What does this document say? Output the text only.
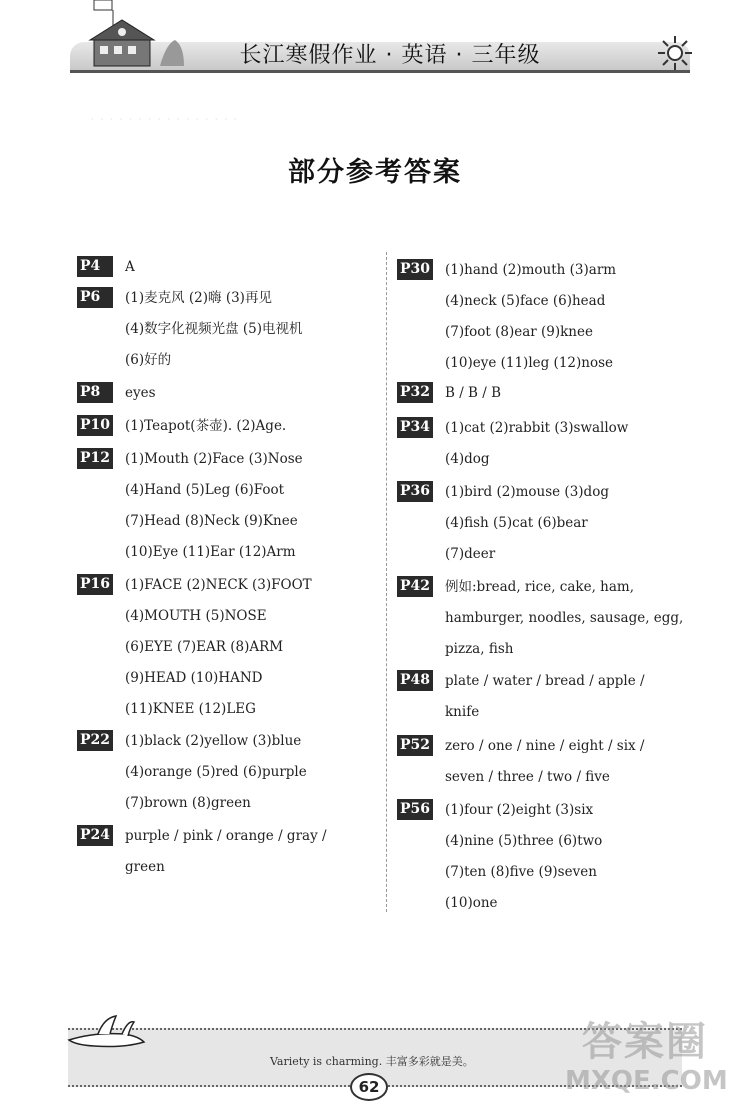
· · · · · · · · · · · · · · · ·
长江寒假作业 · 英语 · 三年级
部分参考答案
P4	A
P6	(1)麦克风 (2)嗨 (3)再见
(4)数字化视频光盘 (5)电视机
(6)好的
P8	eyes
P10 (1)Teapot(茶壶). (2)Age.
P12 (1)Mouth (2)Face (3)Nose
(4)Hand (5)Leg (6)Foot
(7)Head (8)Neck (9)Knee
(10)Eye (11)Ear (12)Arm
P16 (1)FACE (2)NECK (3)FOOT
(4)MOUTH (5)NOSE
(6)EYE (7)EAR (8)ARM
(9)HEAD (10)HAND
(11)KNEE (12)LEG
P22 (1)black (2)yellow (3)blue
(4)orange (5)red (6)purple
(7)brown (8)green
P24 purple / pink / orange / gray /
green
P30 (1)hand (2)mouth (3)arm
(4)neck (5)face (6)head
(7)foot (8)ear (9)knee
(10)eye (11)leg (12)nose
P32 B / B / B
P34 (1)cat (2)rabbit (3)swallow
(4)dog
P36 (1)bird (2)mouse (3)dog
(4)fish (5)cat (6)bear
(7)deer
P42 例如:bread, rice, cake, ham,
hamburger, noodles, sausage, egg,
pizza, fish
P48 plate / water / bread / apple /
knife
P52 zero / one / nine / eight / six /
seven / three / two / five
P56 (1)four (2)eight (3)six
(4)nine (5)three (6)two
(7)ten (8)five (9)seven
(10)one
Variety is charming. 丰富多彩就是美。
62
答案圈
MXQE.COM
